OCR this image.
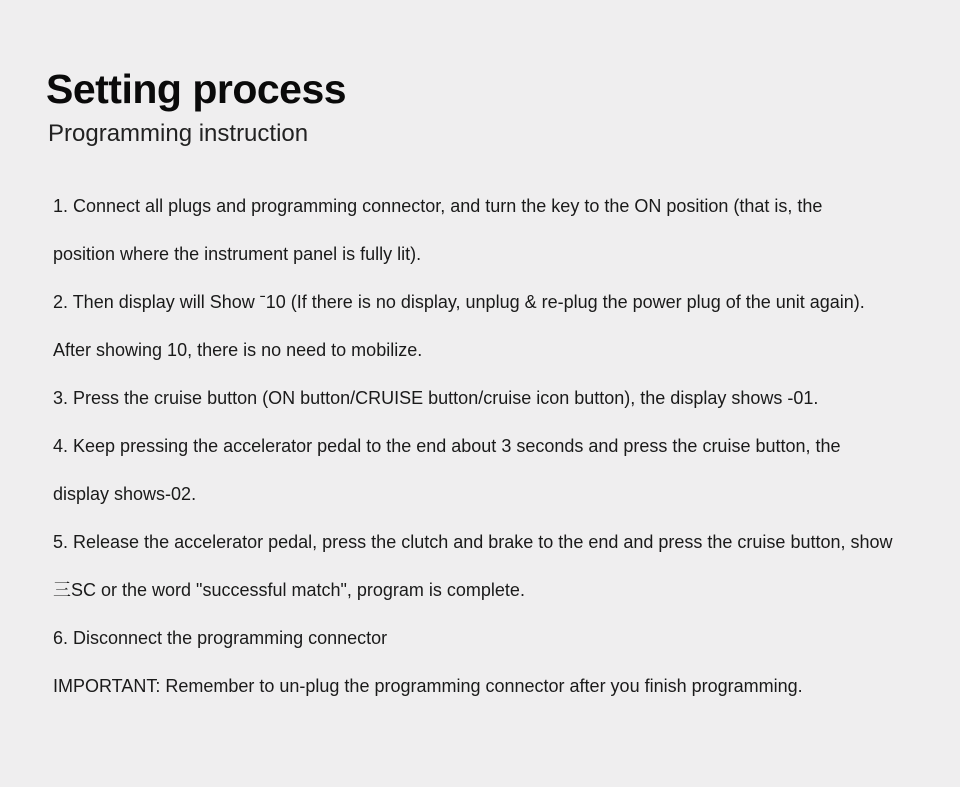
Setting process
Programming instruction
1. Connect all plugs and programming connector, and turn the key to the ON position (that is, the
position where the instrument panel is fully lit).
2. Then display will Show ˉ10 (If there is no display, unplug & re-plug the power plug of the unit again).
After showing 10, there is no need to mobilize.
3. Press the cruise button (ON button/CRUISE button/cruise icon button), the display shows -01.
4. Keep pressing the accelerator pedal to the end about 3 seconds and press the cruise button, the
display shows-02.
5. Release the accelerator pedal, press the clutch and brake to the end and press the cruise button, show
三SC or the word "successful match", program is complete.
6. Disconnect the programming connector
IMPORTANT: Remember to un-plug the programming connector after you finish programming.
